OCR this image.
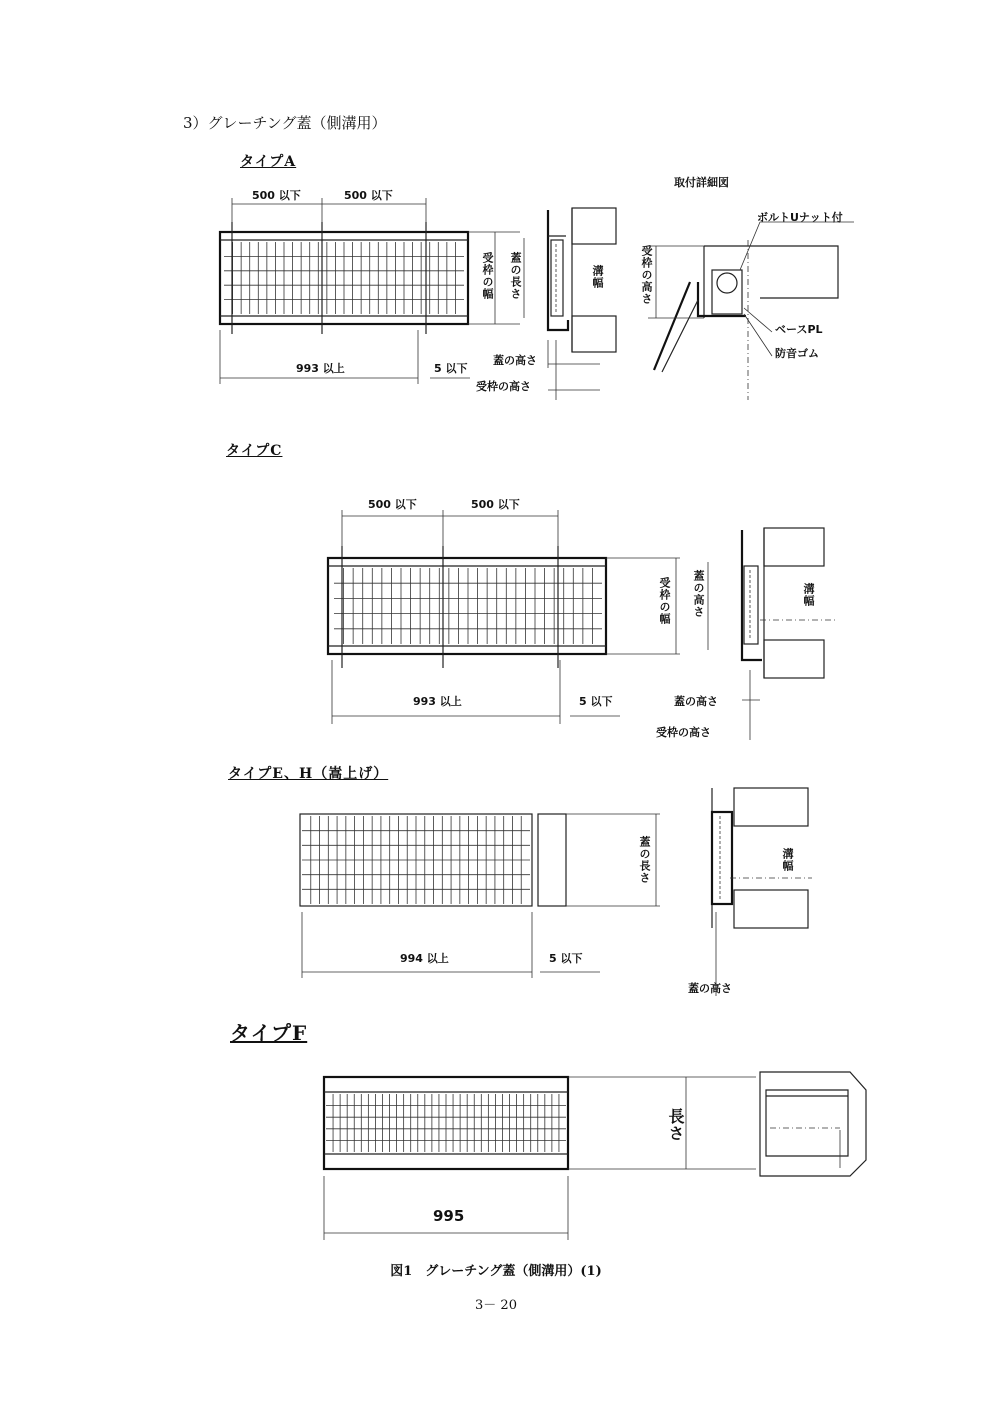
3）グレーチング蓋（側溝用）
タイプA
タイプC
タイプE、H（嵩上げ）
タイプF
500 以下	500 以下
993 以上	5 以下
受枠の幅 蓋の長さ	溝幅
蓋の高さ
受枠の高さ
取付詳細図
受枠の高さ
ボルトUナット付
ベースPL
防音ゴム
500 以下	500 以下
993 以上	5 以下
受枠の幅 蓋の高さ	溝幅
蓋の高さ
受枠の高さ
994 以上	5 以下
蓋の長さ	溝幅
蓋の高さ
995
長さ
図1　グレーチング蓋（側溝用）(1)
3－ 20
